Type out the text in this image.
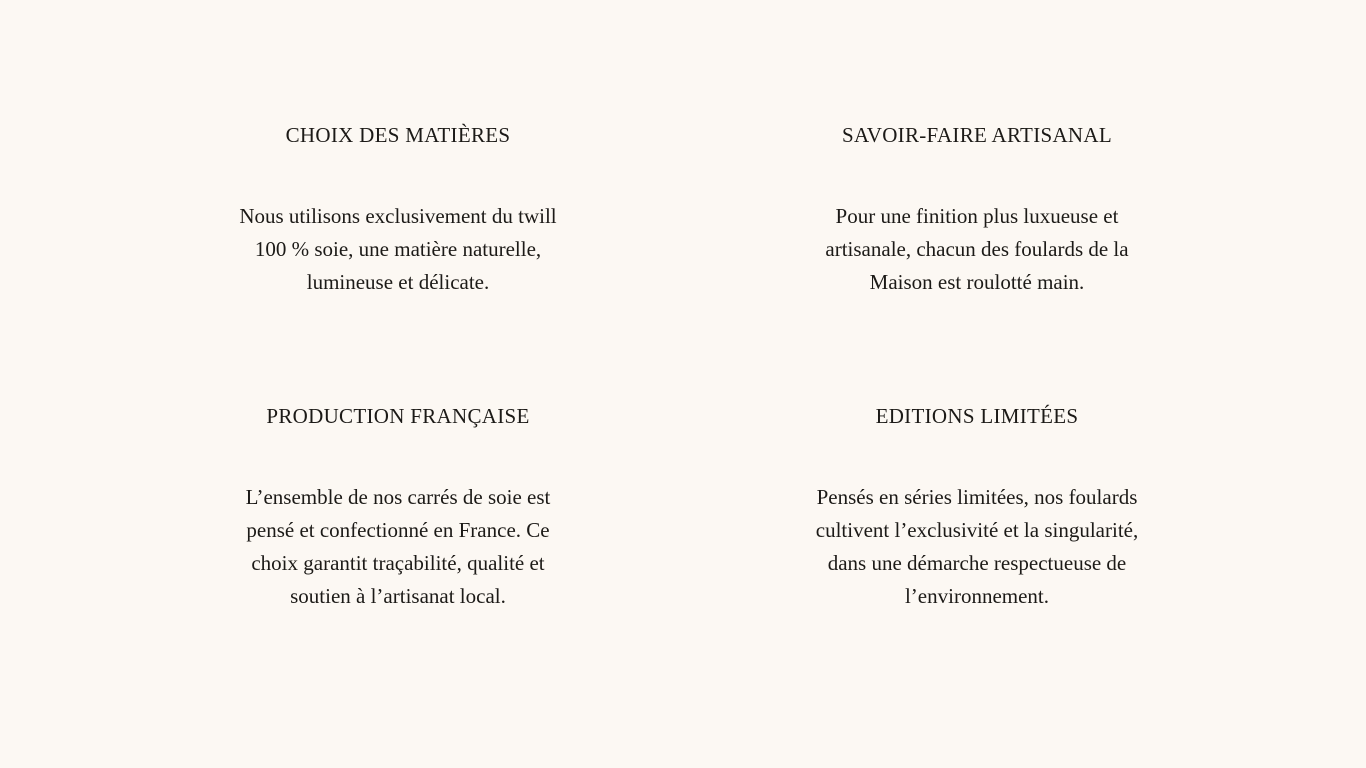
CHOIX DES MATIÈRES

Nous utilisons exclusivement du twill 100 % soie, une matière naturelle, lumineuse et délicate.

SAVOIR-FAIRE ARTISANAL

Pour une finition plus luxueuse et artisanale, chacun des foulards de la Maison est roulotté main.

PRODUCTION FRANÇAISE

L’ensemble de nos carrés de soie est pensé et confectionné en France. Ce choix garantit traçabilité, qualité et soutien à l’artisanat local.

EDITIONS LIMITÉES

Pensés en séries limitées, nos foulards cultivent l’exclusivité et la singularité, dans une démarche respectueuse de l’environnement.
